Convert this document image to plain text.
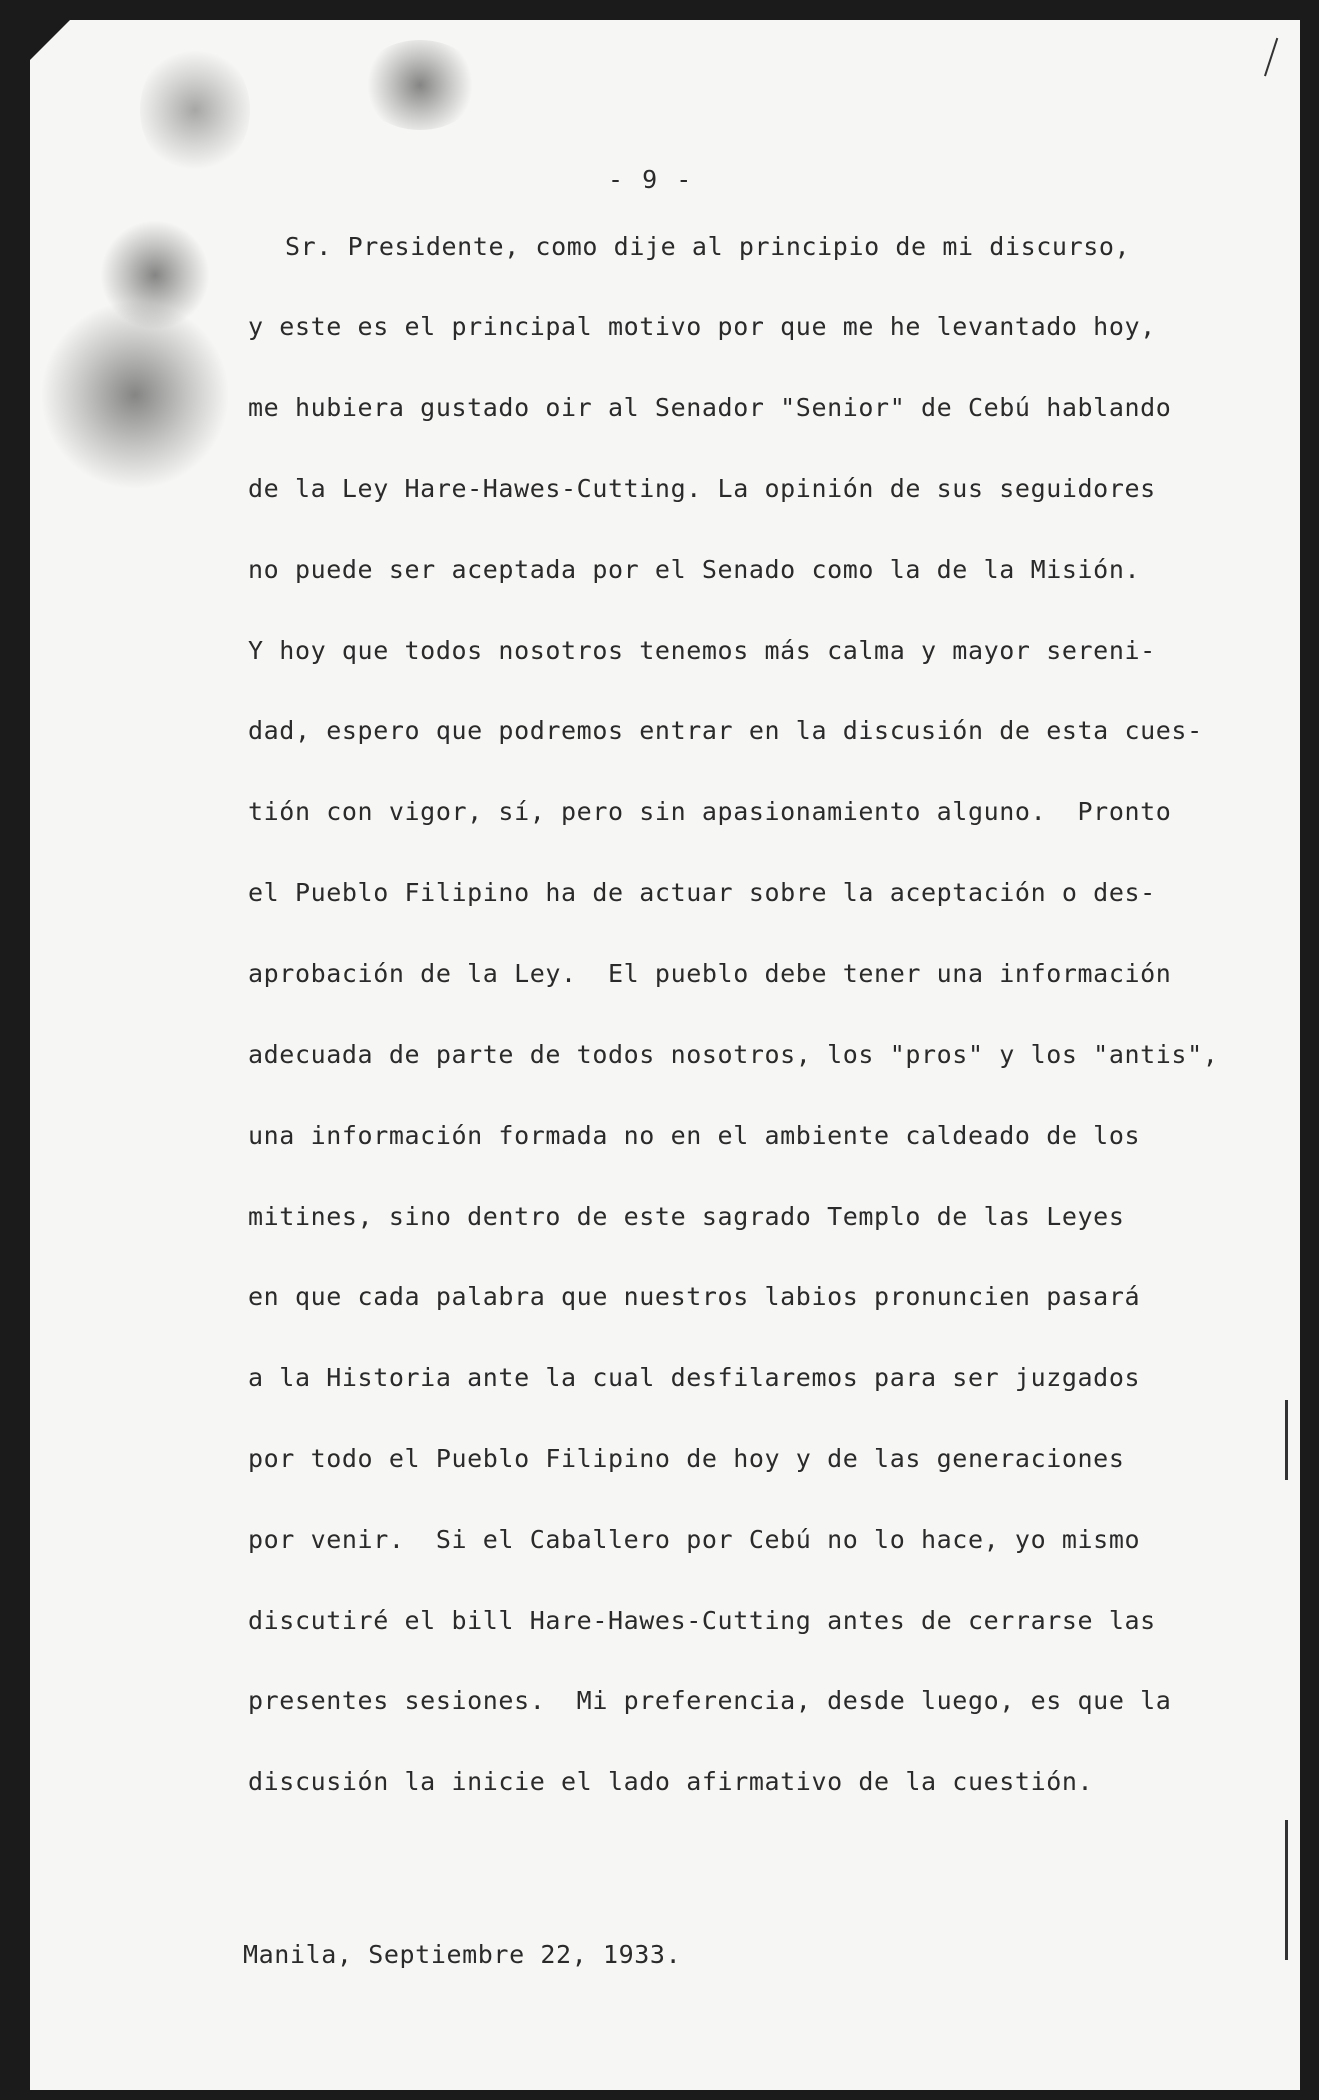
- 9 -
Sr. Presidente, como dije al principio de mi discurso,
y este es el principal motivo por que me he levantado hoy,
me hubiera gustado oir al Senador "Senior" de Cebú hablando
de la Ley Hare-Hawes-Cutting. La opinión de sus seguidores
no puede ser aceptada por el Senado como la de la Misión.
Y hoy que todos nosotros tenemos más calma y mayor sereni-
dad, espero que podremos entrar en la discusión de esta cues-
tión con vigor, sí, pero sin apasionamiento alguno.  Pronto
el Pueblo Filipino ha de actuar sobre la aceptación o des-
aprobación de la Ley.  El pueblo debe tener una información
adecuada de parte de todos nosotros, los "pros" y los "antis",
una información formada no en el ambiente caldeado de los
mitines, sino dentro de este sagrado Templo de las Leyes
en que cada palabra que nuestros labios pronuncien pasará
a la Historia ante la cual desfilaremos para ser juzgados
por todo el Pueblo Filipino de hoy y de las generaciones
por venir.  Si el Caballero por Cebú no lo hace, yo mismo
discutiré el bill Hare-Hawes-Cutting antes de cerrarse las
presentes sesiones.  Mi preferencia, desde luego, es que la
discusión la inicie el lado afirmativo de la cuestión.
Manila, Septiembre 22, 1933.
